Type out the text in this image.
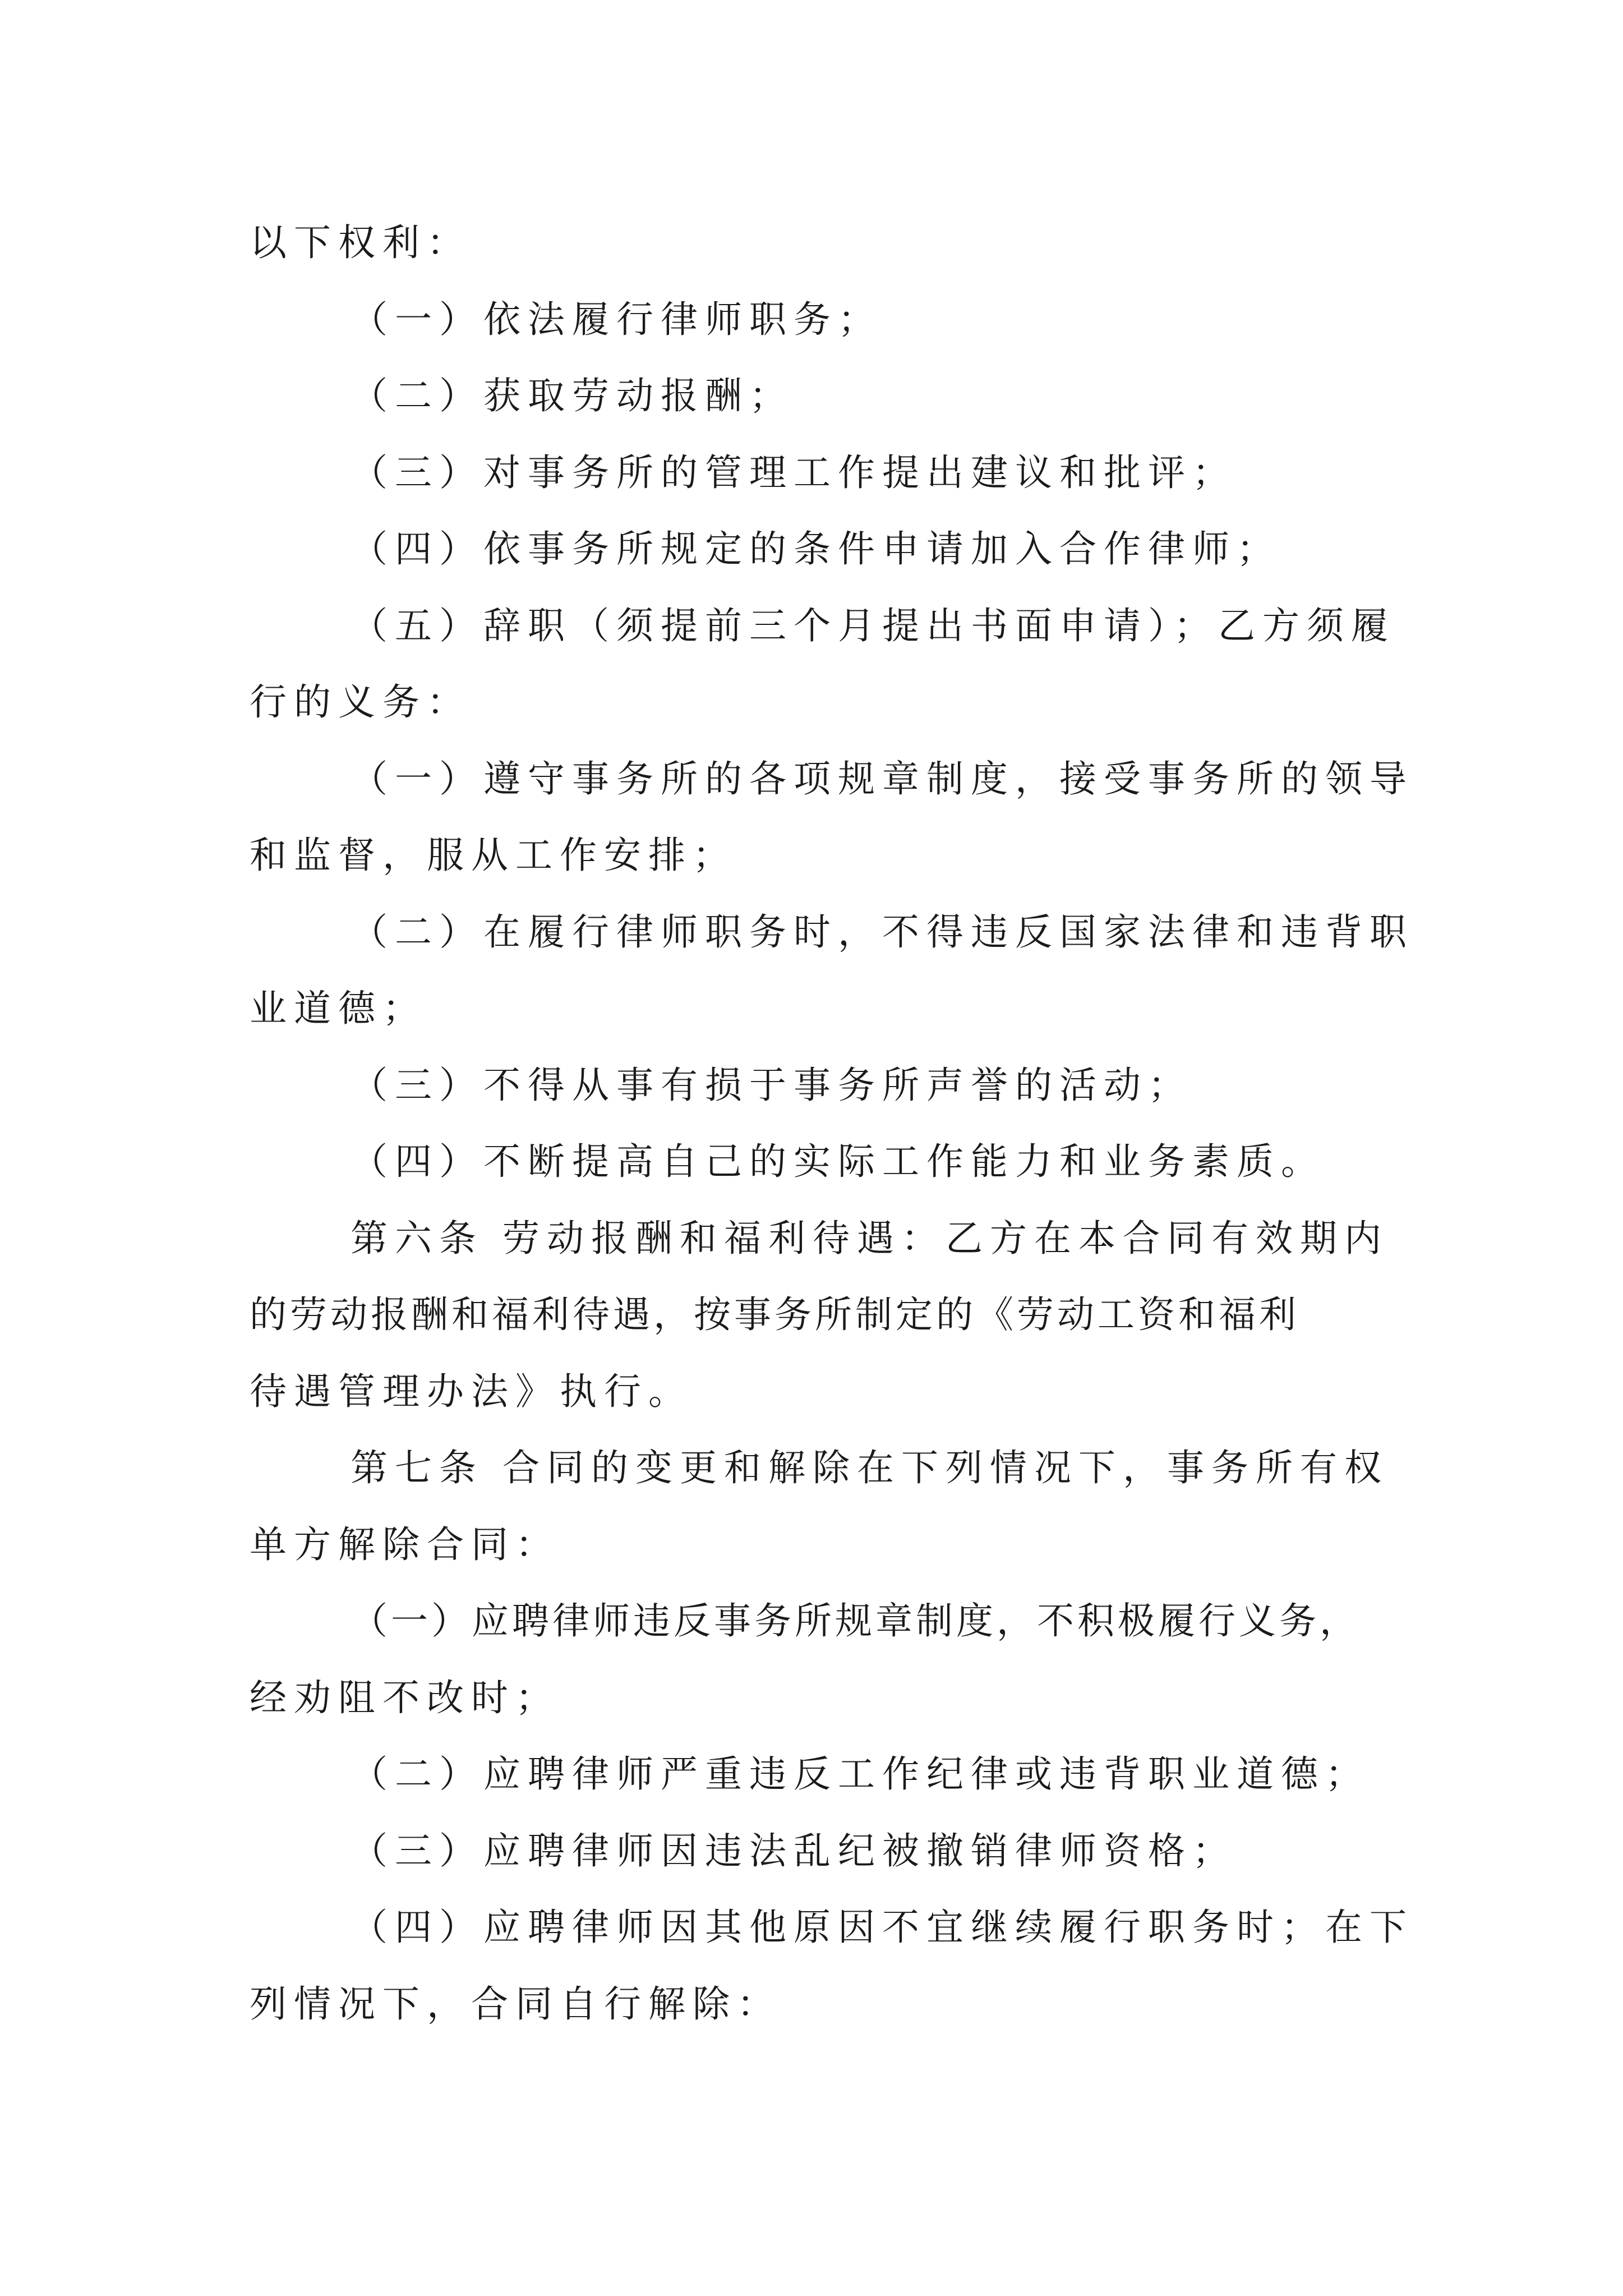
以下权利：
（一）依法履行律师职务；
（二）获取劳动报酬；
（三）对事务所的管理工作提出建议和批评；
（四）依事务所规定的条件申请加入合作律师；
（五）辞职（须提前三个月提出书面申请）；乙方须履
行的义务：
（一）遵守事务所的各项规章制度，接受事务所的领导
和监督，服从工作安排；
（二）在履行律师职务时，不得违反国家法律和违背职
业道德；
（三）不得从事有损于事务所声誉的活动；
（四）不断提高自己的实际工作能力和业务素质。
第六条 劳动报酬和福利待遇：乙方在本合同有效期内
的劳动报酬和福利待遇，按事务所制定的《劳动工资和福利
待遇管理办法》执行。
第七条 合同的变更和解除在下列情况下，事务所有权
单方解除合同：
（一）应聘律师违反事务所规章制度，不积极履行义务，
经劝阻不改时；
（二）应聘律师严重违反工作纪律或违背职业道德；
（三）应聘律师因违法乱纪被撤销律师资格；
（四）应聘律师因其他原因不宜继续履行职务时；在下
列情况下，合同自行解除：
